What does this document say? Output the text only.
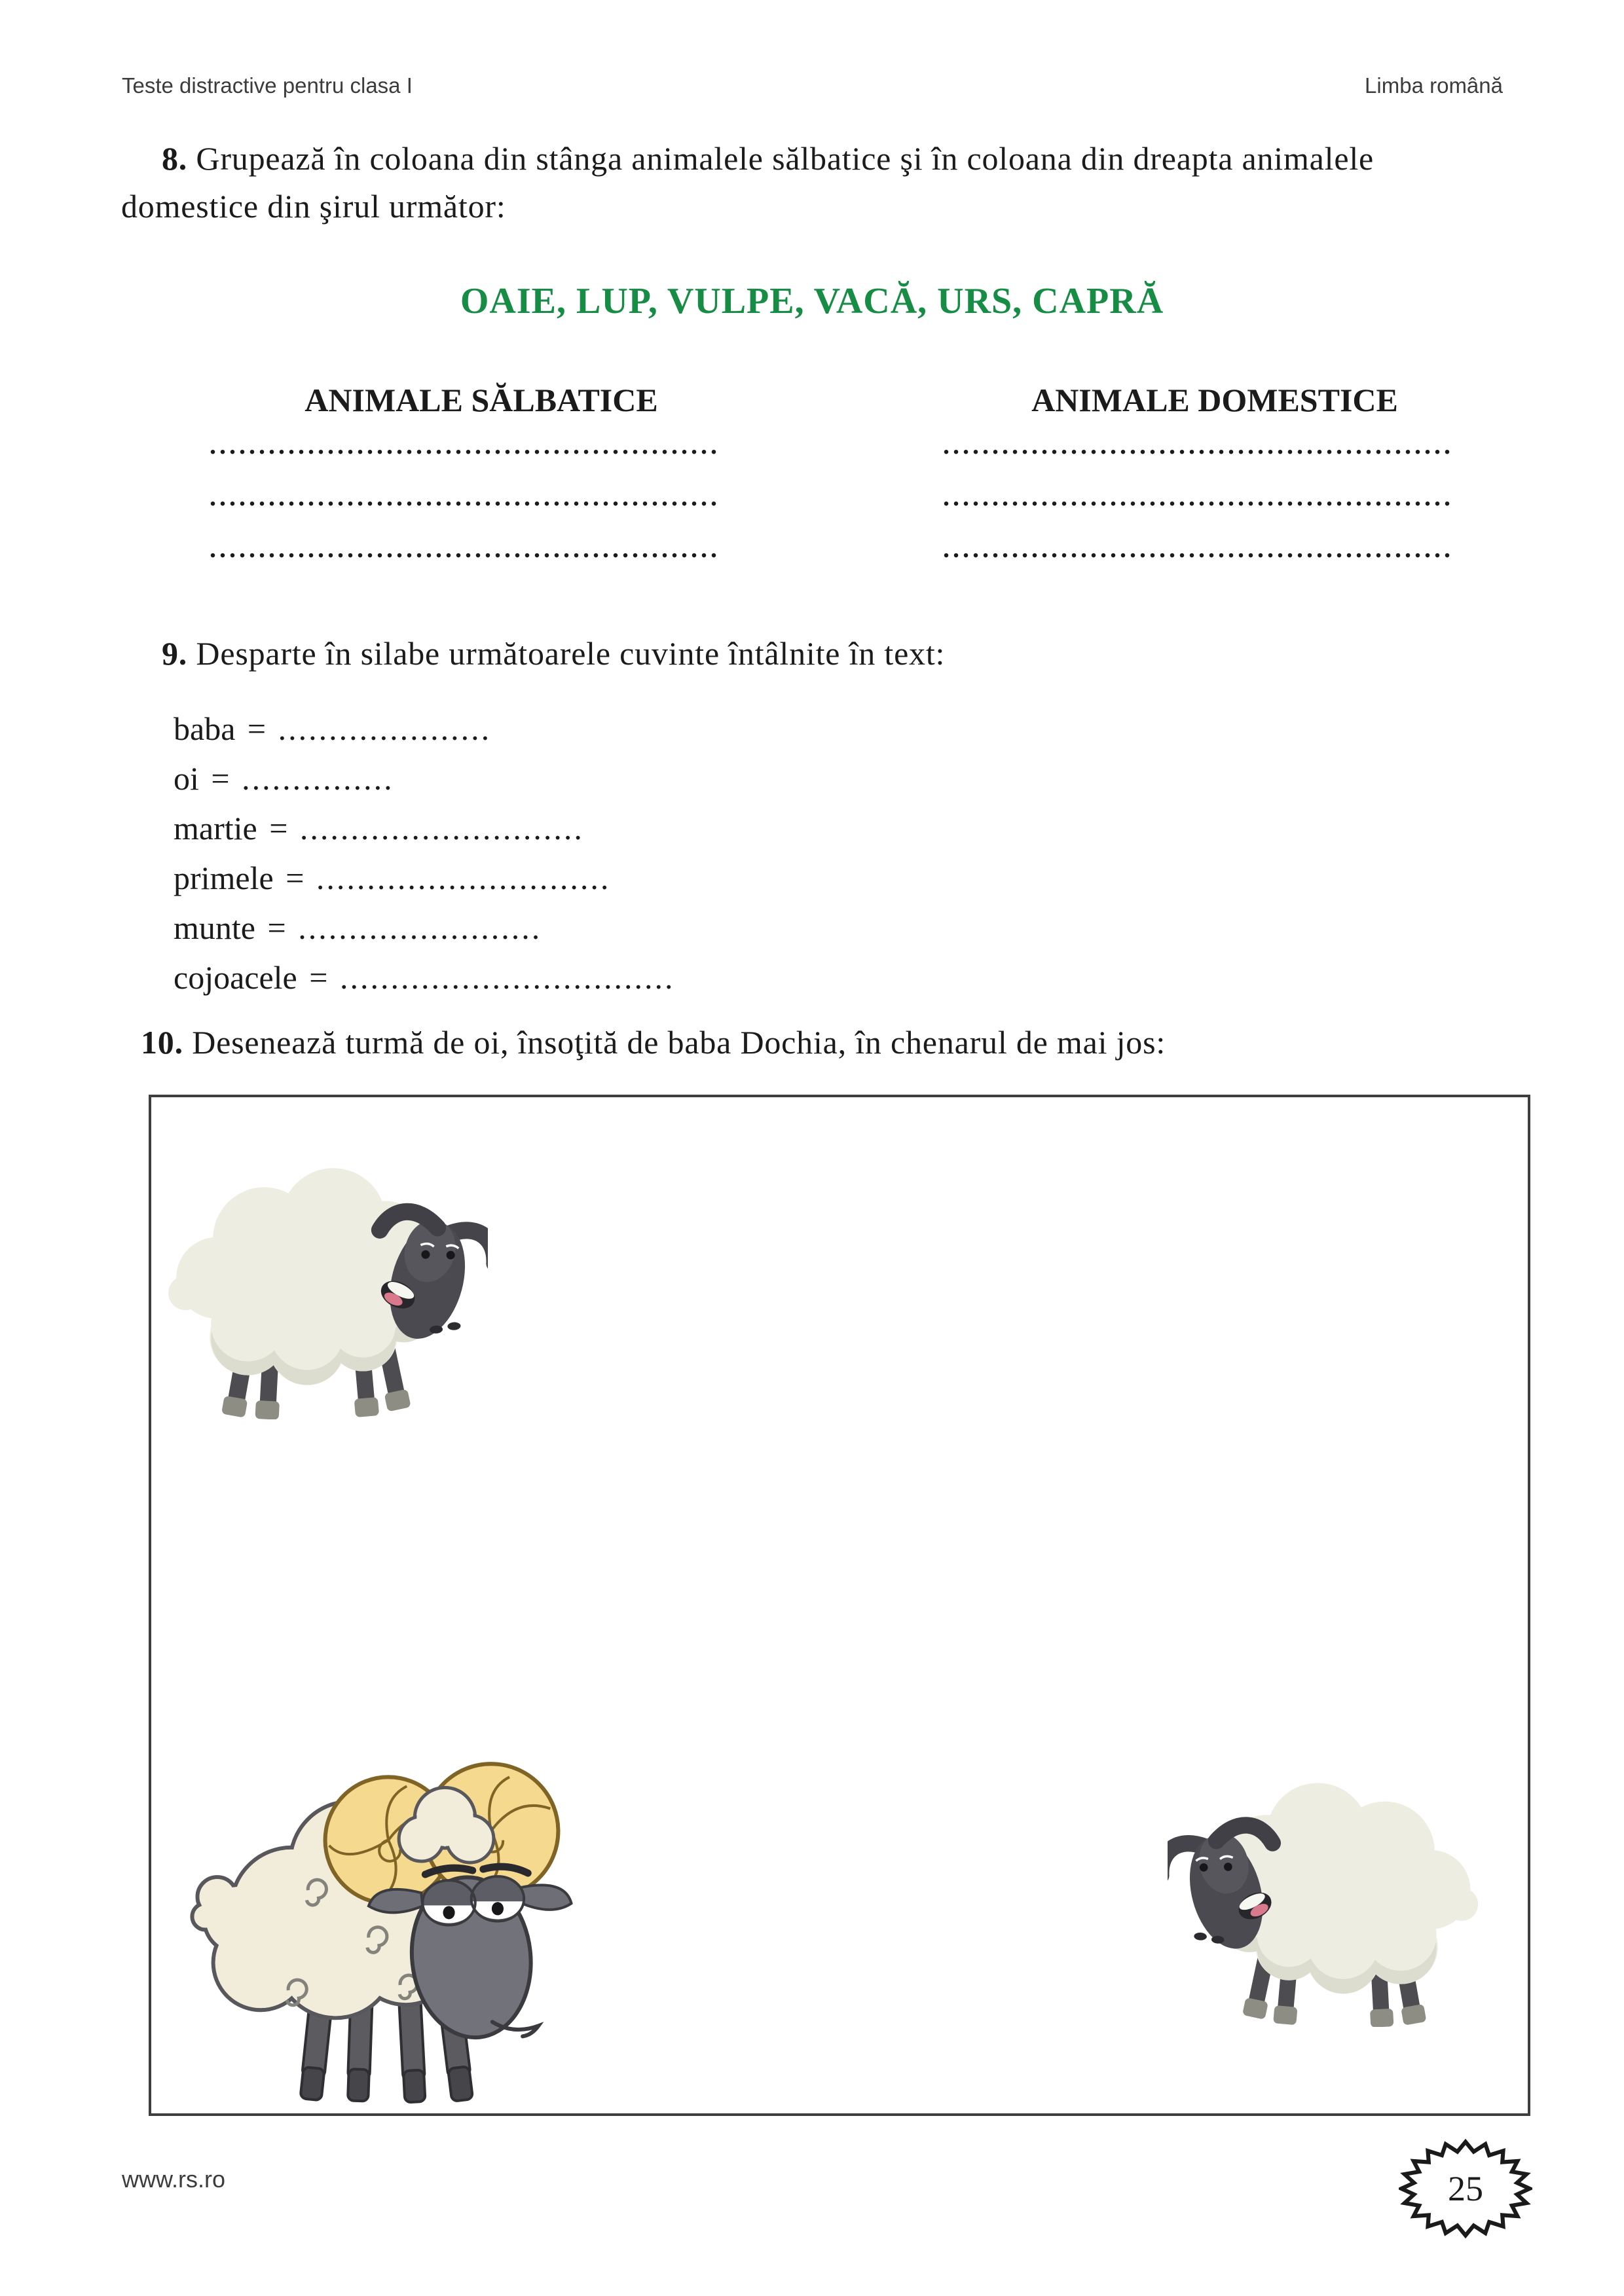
Teste distractive pentru clasa I	Limba română
8. Grupează în coloana din stânga animalele sălbatice şi în coloana din dreapta animalele
domestice din şirul următor:
OAIE, LUP, VULPE, VACĂ, URS, CAPRĂ
ANIMALE SĂLBATICE
....................................................
....................................................
....................................................
ANIMALE DOMESTICE
....................................................
....................................................
....................................................
9. Desparte în silabe următoarele cuvinte întâlnite în text:
baba = .....................
oi = ...............
martie = ............................
primele = .............................
munte = ........................
cojoacele = .................................
10. Desenează turmă de oi, însoţită de baba Dochia, în chenarul de mai jos:
www.rs.ro	25
